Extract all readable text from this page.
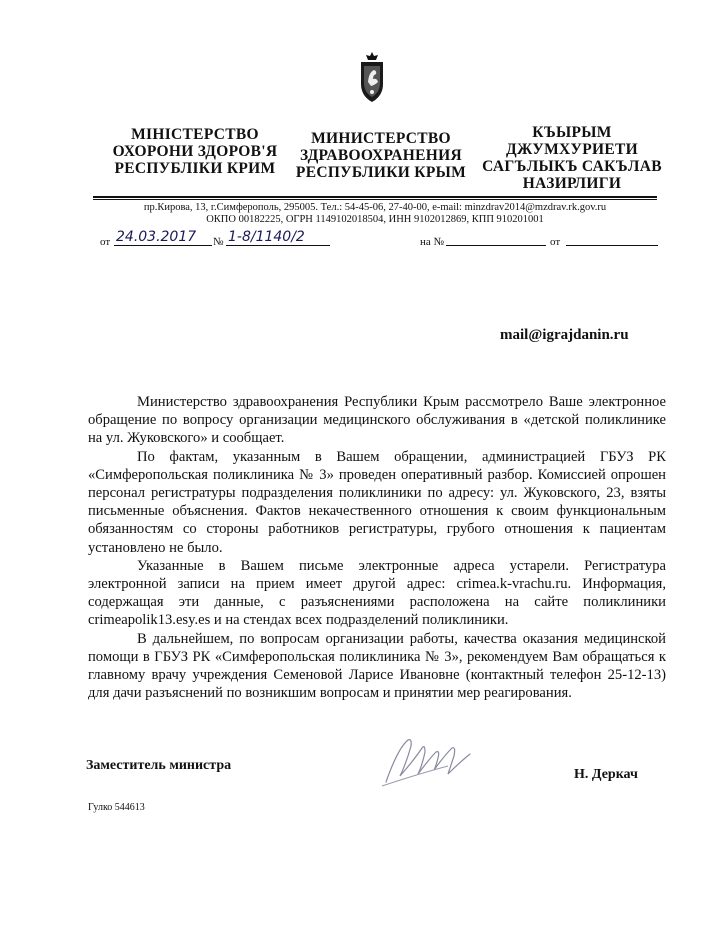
МІНІСТЕРСТВО
ОХОРОНИ ЗДОРОВ'Я
РЕСПУБЛІКИ КРИМ
МИНИСТЕРСТВО
ЗДРАВООХРАНЕНИЯ
РЕСПУБЛИКИ КРЫМ
КЪЫРЫМ
ДЖУМХУРИЕТИ
САГЪЛЫКЪ САКЪЛАВ
НАЗИРЛИГИ
пр.Кирова, 13, г.Симферополь, 295005. Тел.: 54-45-06, 27-40-00, e-mail: minzdrav2014@mzdrav.rk.gov.ru
ОКПО 00182225, ОГРН 1149102018504, ИНН 9102012869, КПП 910201001
от 24.03.2017 № 1-8/1140/2	на №	от
mail@igrajdanin.ru

Министерство здравоохранения Республики Крым рассмотрело Ваше электронное обращение по вопросу организации медицинского обслуживания в «детской поликлинике на ул. Жуковского» и сообщает.

По фактам, указанным в Вашем обращении, администрацией ГБУЗ РК «Симферопольская поликлиника № 3» проведен оперативный разбор. Комиссией опрошен персонал регистратуры подразделения поликлиники по адресу: ул. Жуковского, 23, взяты письменные объяснения. Фактов некачественного отношения к своим функциональным обязанностям со стороны работников регистратуры, грубого отношения к пациентам установлено не было.

Указанные в Вашем письме электронные адреса устарели. Регистратура электронной записи на прием имеет другой адрес: crimea.k-vrachu.ru. Информация, содержащая эти данные, с разъяснениями расположена на сайте поликлиники crimeapolik13.esy.es и на стендах всех подразделений поликлиники.

В дальнейшем, по вопросам организации работы, качества оказания медицинской помощи в ГБУЗ РК «Симферопольская поликлиника № 3», рекомендуем Вам обращаться к главному врачу учреждения Семеновой Ларисе Ивановне (контактный телефон 25-12-13) для дачи разъяснений по возникшим вопросам и принятии мер реагирования.

Заместитель министра
Н. Деркач
Гулко 544613
